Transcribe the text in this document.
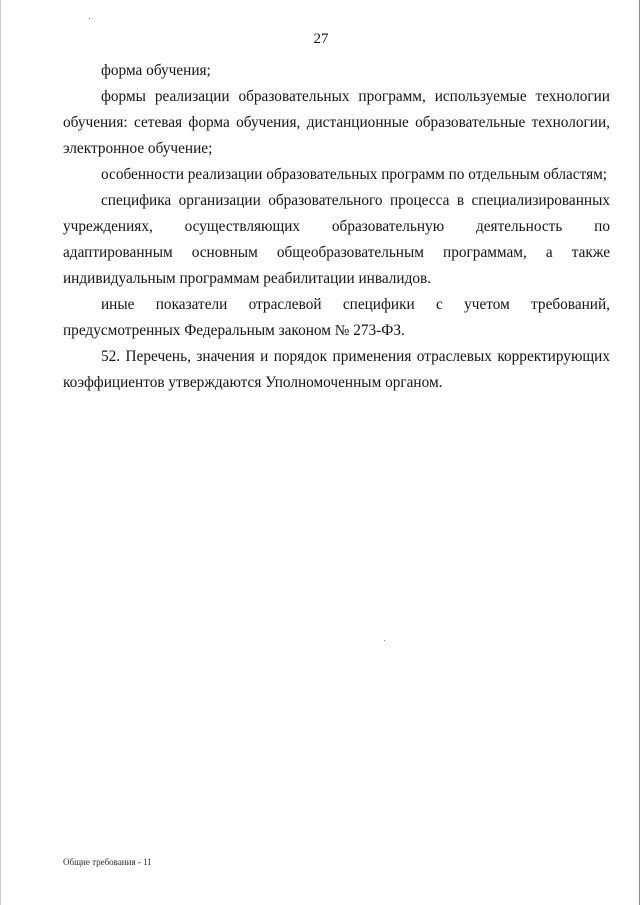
27

форма обучения;

формы реализации образовательных программ, используемые технологии обучения: сетевая форма обучения, дистанционные образовательные технологии, электронное обучение;

особенности реализации образовательных программ по отдельным областям;

специфика организации образовательного процесса в специализированных учреждениях, осуществляющих образовательную деятельность по адаптированным основным общеобразовательным программам, а также индивидуальным программам реабилитации инвалидов.

иные показатели отраслевой специфики с учетом требований, предусмотренных Федеральным законом № 273-ФЗ.

52. Перечень, значения и порядок применения отраслевых корректирующих коэффициентов утверждаются Уполномоченным органом.

Общие требования - 11
